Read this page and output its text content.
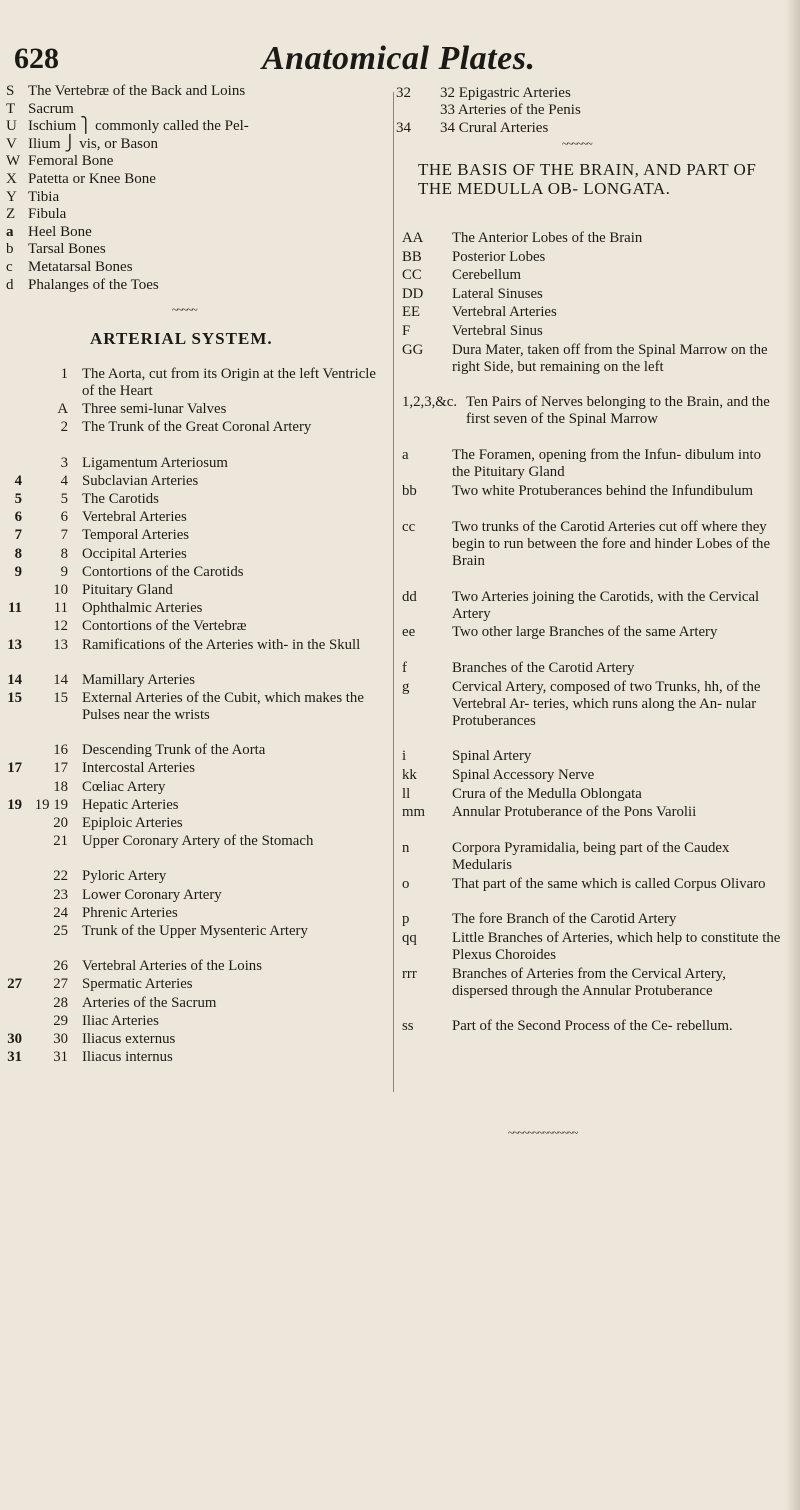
628	Anatomical Plates.
S The Vertebræ of the Back and Loins
T Sacrum
U Ischium ⎫ commonly called the Pel-
V Ilium ⎭ vis, or Bason
W Femoral Bone
X Patetta or Knee Bone
Y Tibia
Z Fibula
a Heel Bone
b Tarsal Bones
c Metatarsal Bones
d Phalanges of the Toes
~~~~~
ARTERIAL SYSTEM.
1 The Aorta, cut from its Origin at the left Ventricle of the Heart
A Three semi-lunar Valves
2 The Trunk of the Great Coronal Artery
3 Ligamentum Arteriosum
4	4 Subclavian Arteries
5	5 The Carotids
6	6 Vertebral Arteries
7	7 Temporal Arteries
8	8 Occipital Arteries
9	9 Contortions of the Carotids
10 Pituitary Gland
11	11 Ophthalmic Arteries
12 Contortions of the Vertebræ
13	13 Ramifications of the Arteries with- in the Skull
14	14 Mamillary Arteries
15	15 External Arteries of the Cubit, which makes the Pulses near the wrists
16 Descending Trunk of the Aorta
17	17 Intercostal Arteries
18 Cœliac Artery
19 19 19 Hepatic Arteries
20 Epiploic Arteries
21 Upper Coronary Artery of the Stomach
22 Pyloric Artery
23 Lower Coronary Artery
24 Phrenic Arteries
25 Trunk of the Upper Mysenteric Artery
26 Vertebral Arteries of the Loins
27	27 Spermatic Arteries
28 Arteries of the Sacrum
29 Iliac Arteries
30	30 Iliacus externus
31	31 Iliacus internus
32 32 Epigastric Arteries
33 Arteries of the Penis
34 34 Crural Arteries
~~~~~~
THE BASIS OF THE BRAIN, AND PART OF THE MEDULLA OB- LONGATA.
AA The Anterior Lobes of the Brain
BB Posterior Lobes
CC Cerebellum
DD Lateral Sinuses
EE Vertebral Arteries
F	Vertebral Sinus
GG Dura Mater, taken off from the Spinal Marrow on the right Side, but remaining on the left
1,2,3,&c. Ten Pairs of Nerves belonging to the Brain, and the first seven of the Spinal Marrow
a	The Foramen, opening from the Infun- dibulum into the Pituitary Gland
bb Two white Protuberances behind the Infundibulum
cc Two trunks of the Carotid Arteries cut off where they begin to run between the fore and hinder Lobes of the Brain
dd Two Arteries joining the Carotids, with the Cervical Artery
ee Two other large Branches of the same Artery
f	Branches of the Carotid Artery
g	Cervical Artery, composed of two Trunks, hh, of the Vertebral Ar- teries, which runs along the An- nular Protuberances
i	Spinal Artery
kk Spinal Accessory Nerve
ll	Crura of the Medulla Oblongata
mm Annular Protuberance of the Pons Varolii
n	Corpora Pyramidalia, being part of the Caudex Medularis
o	That part of the same which is called Corpus Olivaro
p	The fore Branch of the Carotid Artery
qq Little Branches of Arteries, which help to constitute the Plexus Choroides
rrr Branches of Arteries from the Cervical Artery, dispersed through the Annular Protuberance
ss	Part of the Second Process of the Ce- rebellum.
~~~~~~~~~~~~~~
